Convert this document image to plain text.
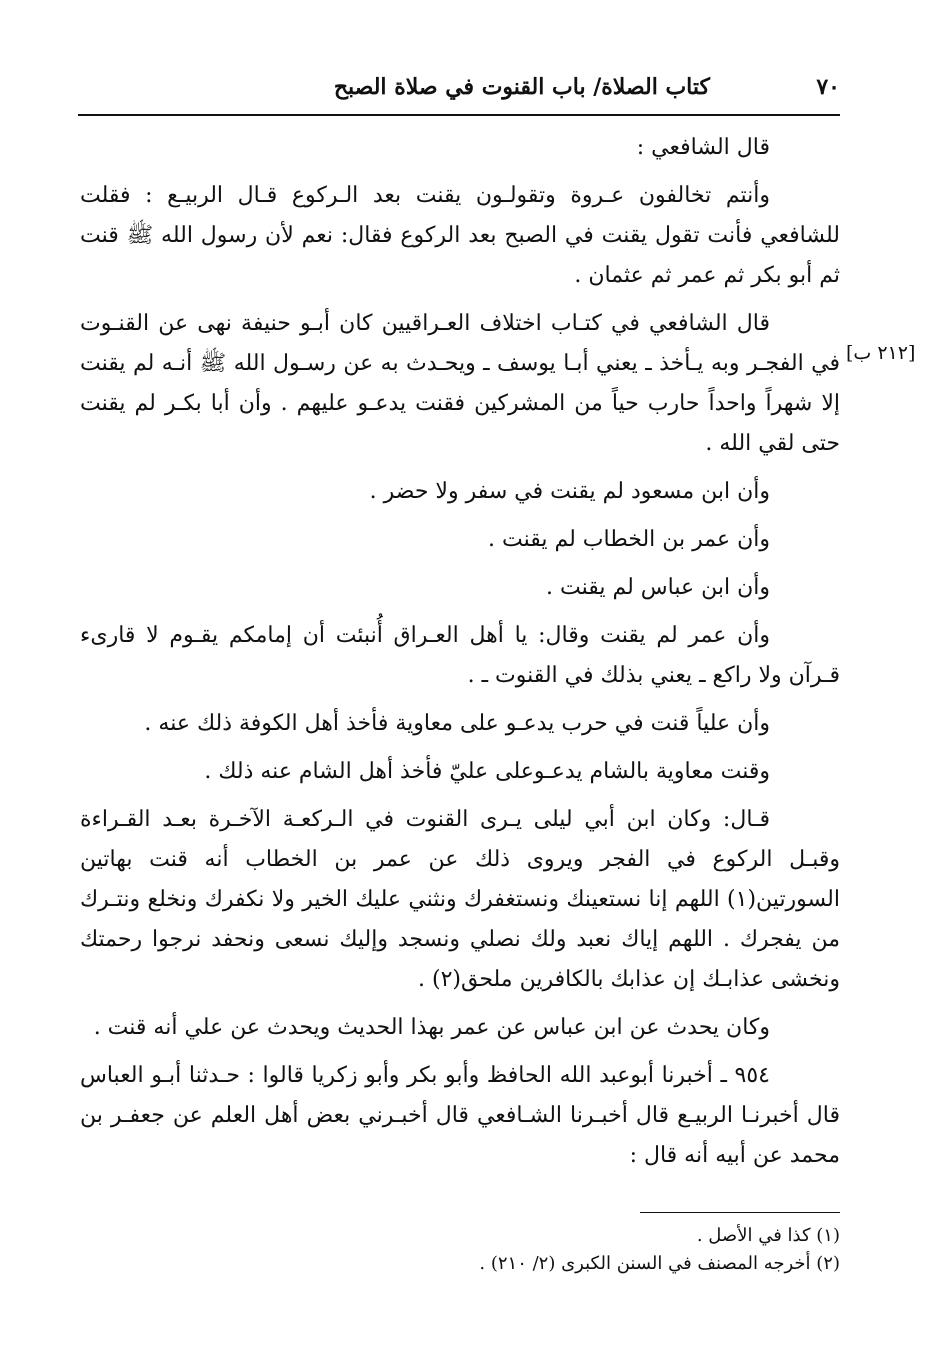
٧٠
كتاب الصلاة/ باب القنوت في صلاة الصبح
[٢١٢ ب]

قال الشافعي :

وأنتم تخالفون عـروة وتقولـون يقنت بعد الـركوع قـال الربيـع : فقلت للشافعي فأنت تقول يقنت في الصبح بعد الركوع فقال: نعم لأن رسول الله ﷺ قنت ثم أبو بكر ثم عمر ثم عثمان .

قال الشافعي في كتـاب اختلاف العـراقيين كان أبـو حنيفة نهى عن القنـوت في الفجـر وبه يـأخذ ـ يعني أبـا يوسف ـ ويحـدث به عن رسـول الله ﷺ أنـه لم يقنت إلا شهراً واحداً حارب حياً من المشركين فقنت يدعـو عليهم . وأن أبا بكـر لم يقنت حتى لقي الله .

وأن ابن مسعود لم يقنت في سفر ولا حضر .

وأن عمر بن الخطاب لم يقنت .

وأن ابن عباس لم يقنت .

وأن عمر لم يقنت وقال: يا أهل العـراق أُنبئت أن إمامكم يقـوم لا قارىء قـرآن ولا راكع ـ يعني بذلك في القنوت ـ .

وأن علياً قنت في حرب يدعـو على معاوية فأخذ أهل الكوفة ذلك عنه .

وقنت معاوية بالشام يدعـوعلى عليّ فأخذ أهل الشام عنه ذلك .

قـال: وكان ابن أبي ليلى يـرى القنوت في الـركعـة الآخـرة بعـد القـراءة وقبـل الركوع في الفجر ويروى ذلك عن عمر بن الخطاب أنه قنت بهاتين السورتين(١) اللهم إنا نستعينك ونستغفرك ونثني عليك الخير ولا نكفرك ونخلع ونتـرك من يفجرك . اللهم إياك نعبد ولك نصلي ونسجد وإليك نسعى ونحفد نرجوا رحمتك ونخشى عذابـك إن عذابك بالكافرين ملحق(٢) .

وكان يحدث عن ابن عباس عن عمر بهذا الحديث ويحدث عن علي أنه قنت .

٩٥٤ ـ أخبرنا أبوعبد الله الحافظ وأبو بكر وأبو زكريا قالوا : حـدثنا أبـو العباس قال أخبرنـا الربيـع قال أخبـرنا الشـافعي قال أخبـرني بعض أهل العلم عن جعفـر بن محمد عن أبيه أنه قال :

(١) كذا في الأصل .

(٢) أخرجه المصنف في السنن الكبرى (٢/ ٢١٠) .
